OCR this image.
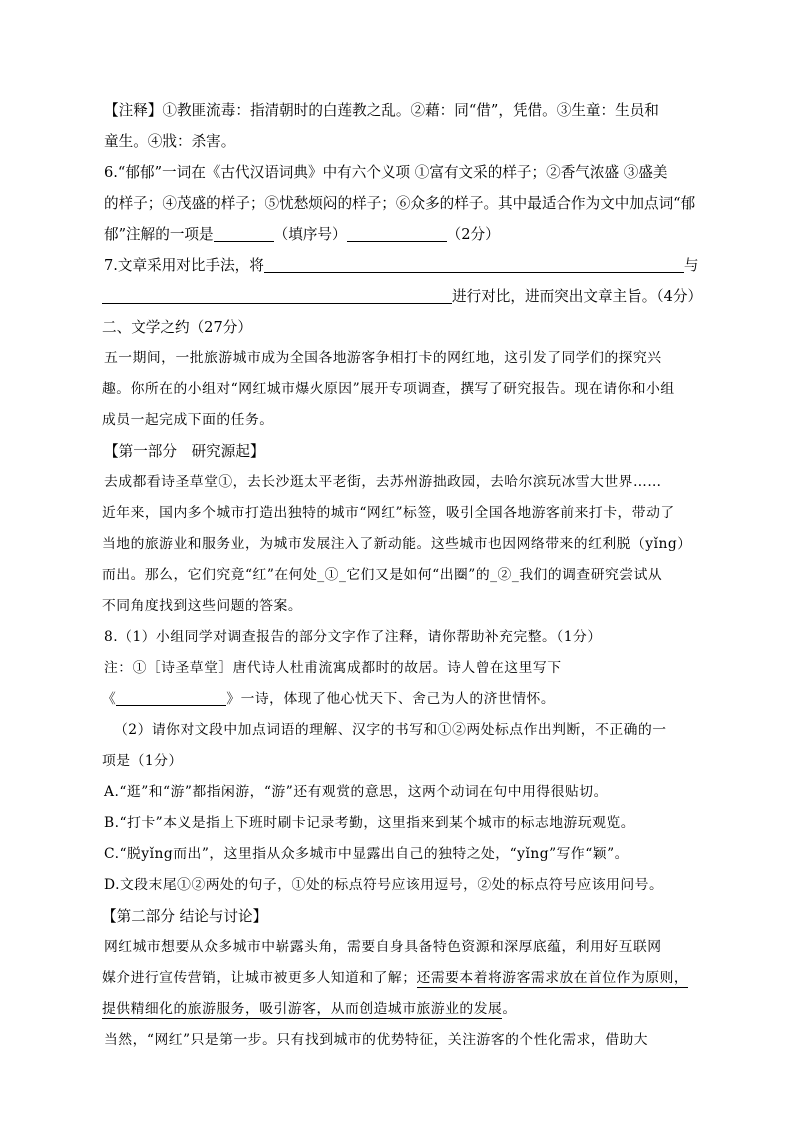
【注释】①教匪流毒：指清朝时的白莲教之乱。②藉：同“借”，凭借。③生童：生员和
童生。④戕：杀害。
6.“郁郁”一词在《古代汉语词典》中有六个义项 ①富有文采的样子；②香气浓盛 ③盛美
的样子；④茂盛的样子；⑤忧愁烦闷的样子；⑥众多的样子。其中最适合作为文中加点词“郁
郁”注解的一项是	（填序号）	（2分）
7.文章采用对比手法，将	与
进行对比，进而突出文章主旨。（4分）
二、文学之约（27分）
五一期间，一批旅游城市成为全国各地游客争相打卡的网红地，这引发了同学们的探究兴
趣。你所在的小组对“网红城市爆火原因”展开专项调查，撰写了研究报告。现在请你和小组
成员一起完成下面的任务。
【第一部分　研究源起】
去成都看诗圣草堂①，去长沙逛太平老街，去苏州游拙政园，去哈尔滨玩冰雪大世界……
近年来，国内多个城市打造出独特的城市“网红”标签，吸引全国各地游客前来打卡，带动了
当地的旅游业和服务业，为城市发展注入了新动能。这些城市也因网络带来的红利脱（yǐng）
而出。那么，它们究竟“红”在何处_①_它们又是如何“出圈”的_②_我们的调查研究尝试从
不同角度找到这些问题的答案。
8.（1）小组同学对调查报告的部分文字作了注释，请你帮助补充完整。（1分）
注：①［诗圣草堂］唐代诗人杜甫流寓成都时的故居。诗人曾在这里写下
《	》一诗，体现了他心忧天下、舍己为人的济世情怀。
（2）请你对文段中加点词语的理解、汉字的书写和①②两处标点作出判断，不正确的一
项是（1分）
A.“逛”和“游”都指闲游，“游”还有观赏的意思，这两个动词在句中用得很贴切。
B.“打卡”本义是指上下班时刷卡记录考勤，这里指来到某个城市的标志地游玩观览。
C.“脱yǐng而出”，这里指从众多城市中显露出自己的独特之处，“yǐng”写作“颖”。
D.文段末尾①②两处的句子，①处的标点符号应该用逗号，②处的标点符号应该用问号。
【第二部分 结论与讨论】
网红城市想要从众多城市中崭露头角，需要自身具备特色资源和深厚底蕴，利用好互联网
媒介进行宣传营销，让城市被更多人知道和了解；还需要本着将游客需求放在首位作为原则，
提供精细化的旅游服务，吸引游客，从而创造城市旅游业的发展。
当然，“网红”只是第一步。只有找到城市的优势特征，关注游客的个性化需求，借助大
